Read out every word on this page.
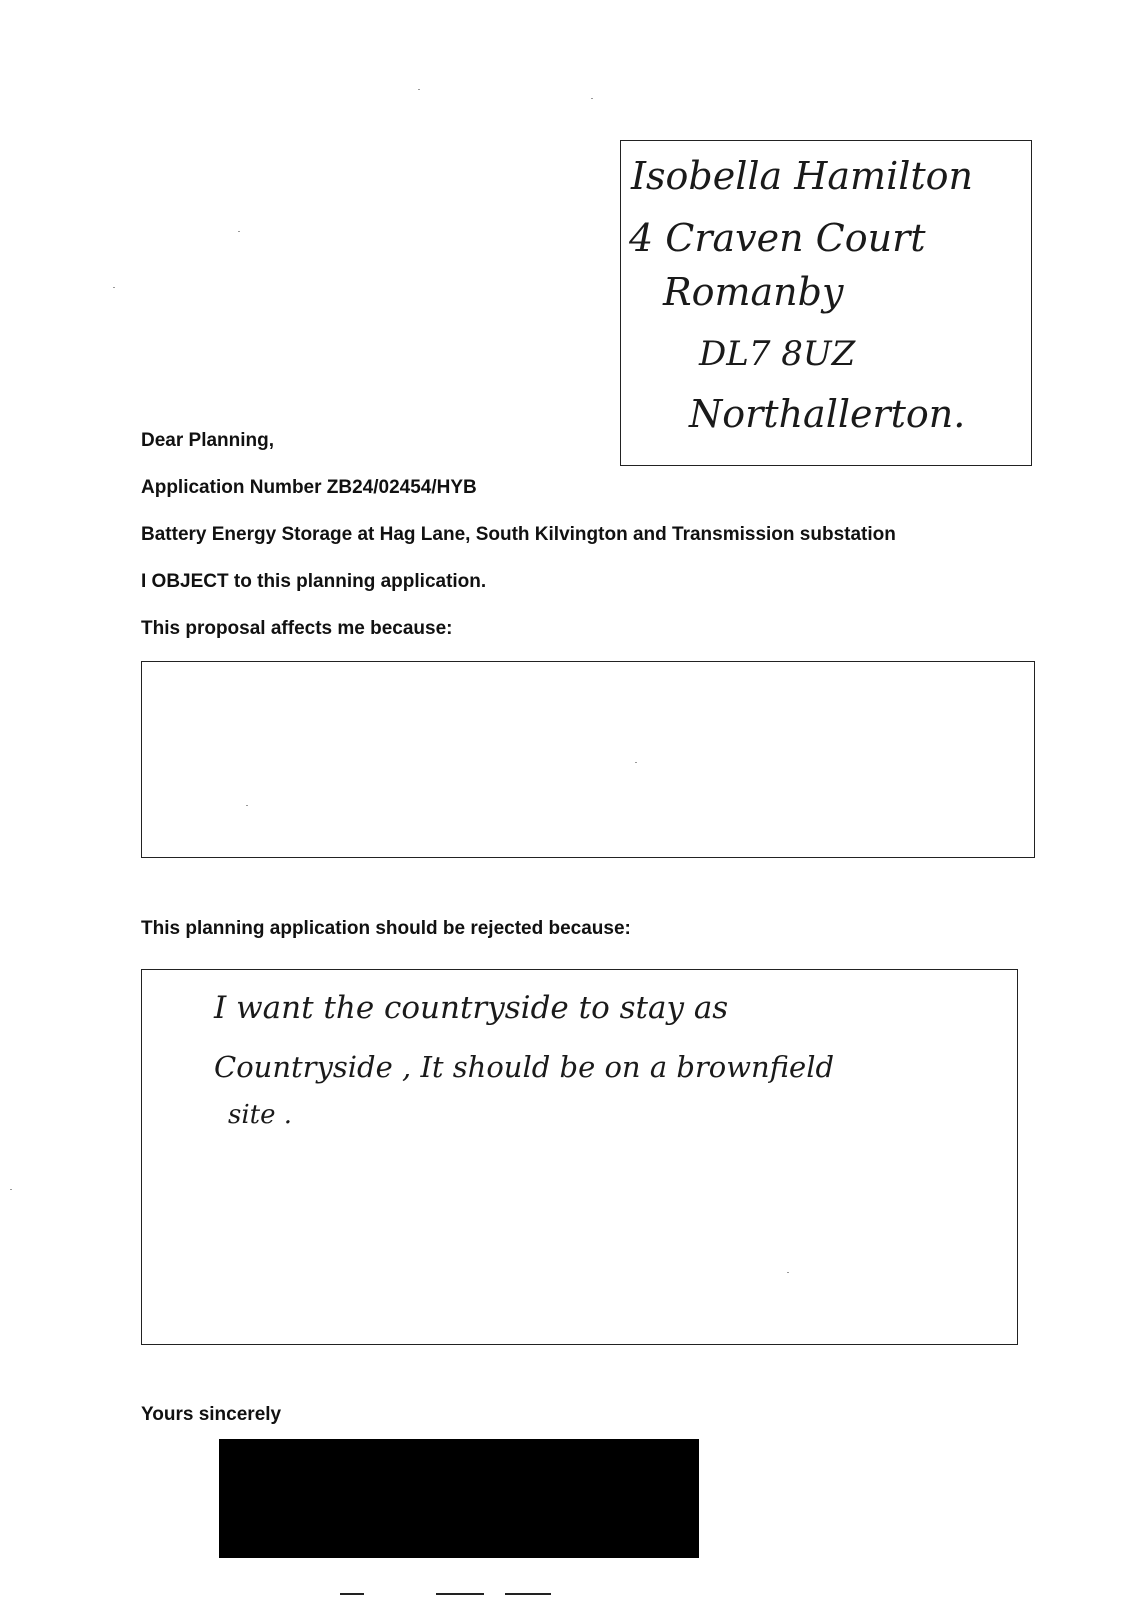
Isobella Hamilton
4 Craven Court
Romanby
DL7 8UZ
Northallerton.
Dear Planning,
Application Number ZB24/02454/HYB
Battery Energy Storage at Hag Lane, South Kilvington and Transmission substation
I OBJECT to this planning application.
This proposal affects me because:
This planning application should be rejected because:
I want the countryside to stay as
Countryside , It should be on a brownfield
site .
Yours sincerely
